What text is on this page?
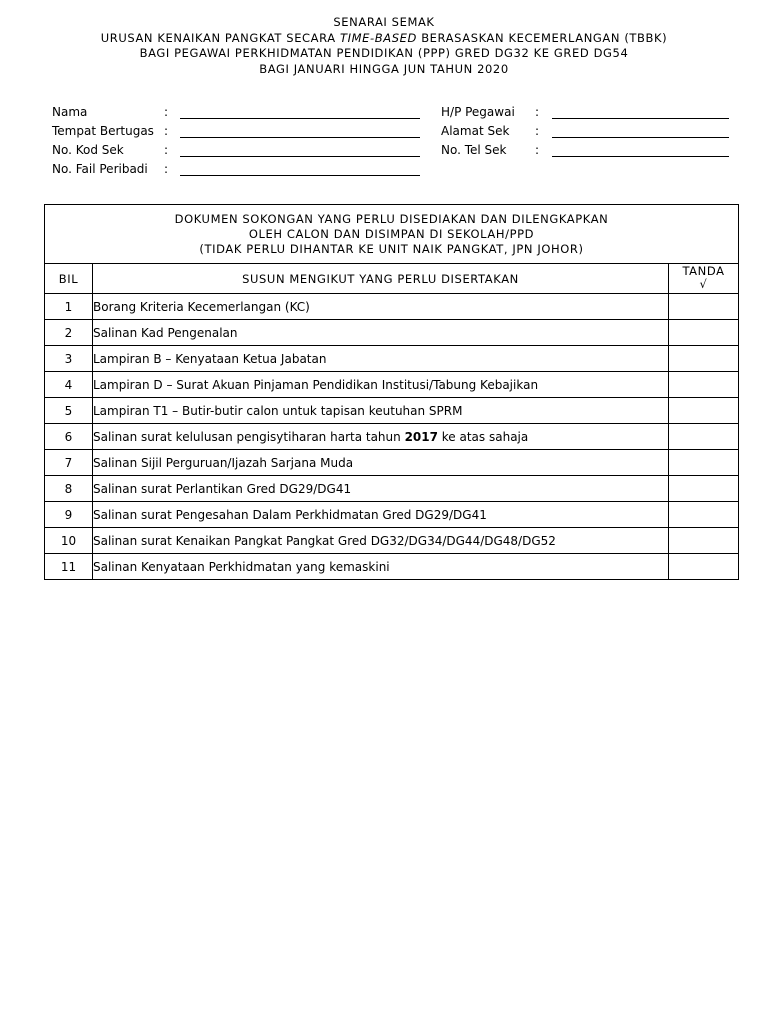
SENARAI SEMAK
URUSAN KENAIKAN PANGKAT SECARA TIME-BASED BERASASKAN KECEMERLANGAN (TBBK)
BAGI PEGAWAI PERKHIDMATAN PENDIDIKAN (PPP) GRED DG32 KE GRED DG54
BAGI JANUARI HINGGA JUN TAHUN 2020
Nama	:
Tempat Bertugas :
No. Kod Sek	:
No. Fail Peribadi :
H/P Pegawai :
Alamat Sek :
No. Tel Sek :
DOKUMEN SOKONGAN YANG PERLU DISEDIAKAN DAN DILENGKAPKAN
OLEH CALON DAN DISIMPAN DI SEKOLAH/PPD
(TIDAK PERLU DIHANTAR KE UNIT NAIK PANGKAT, JPN JOHOR)		

BIL	SUSUN MENGIKUT YANG PERLU DISERTAKAN	TANDA
√
1	Borang Kriteria Kecemerlangan (KC)	
2	Salinan Kad Pengenalan	
3	Lampiran B – Kenyataan Ketua Jabatan	
4	Lampiran D – Surat Akuan Pinjaman Pendidikan Institusi/Tabung Kebajikan	
5	Lampiran T1 – Butir-butir calon untuk tapisan keutuhan SPRM	
6	Salinan surat kelulusan pengisytiharan harta tahun 2017 ke atas sahaja	
7	Salinan Sijil Perguruan/Ijazah Sarjana Muda	
8	Salinan surat Perlantikan Gred DG29/DG41	
9	Salinan surat Pengesahan Dalam Perkhidmatan Gred DG29/DG41	
10	Salinan surat Kenaikan Pangkat Pangkat Gred DG32/DG34/DG44/DG48/DG52	
11	Salinan Kenyataan Perkhidmatan yang kemaskini	
